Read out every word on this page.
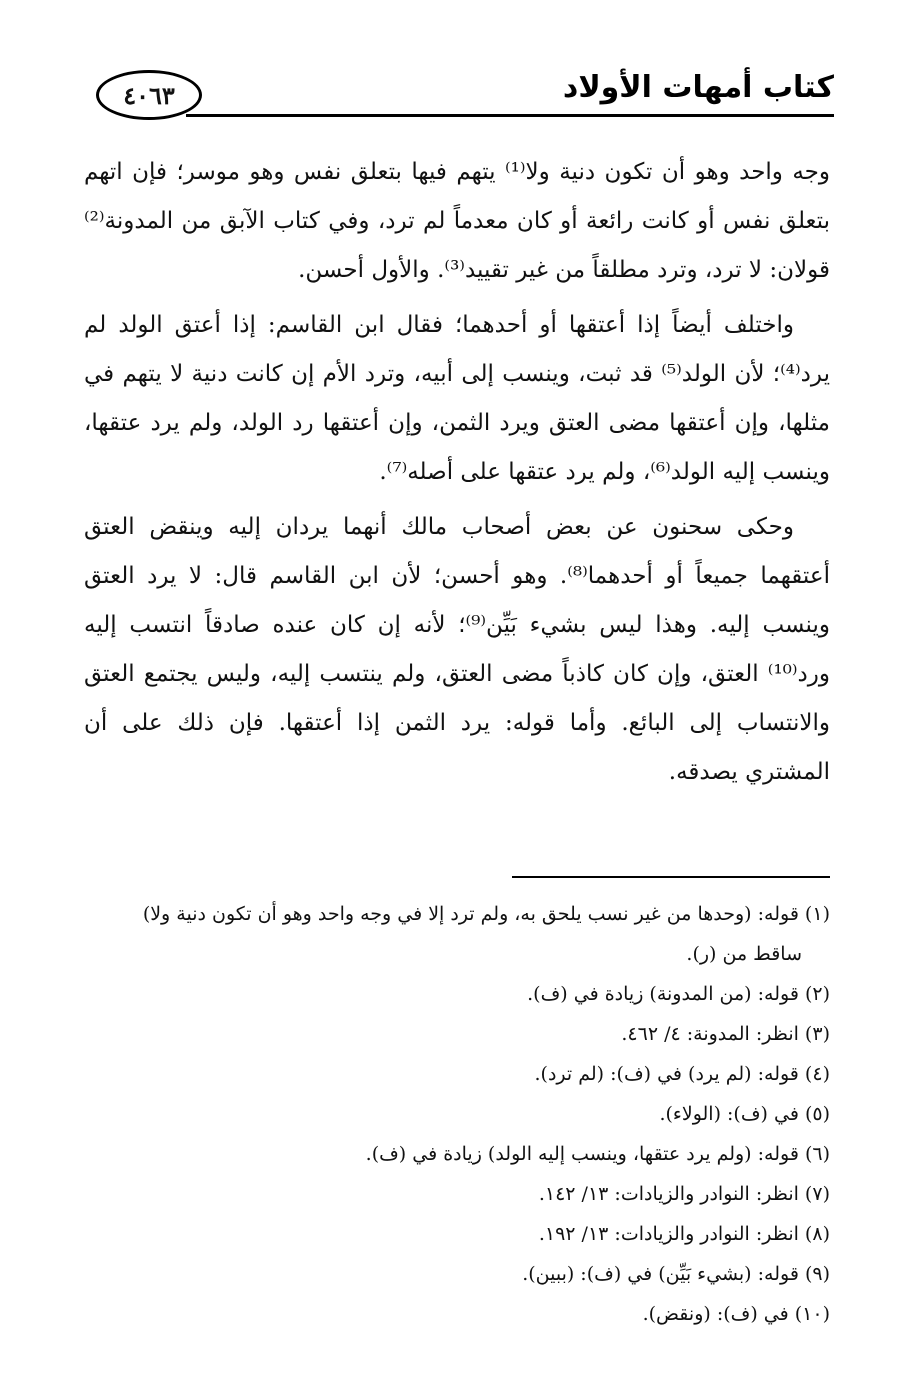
٤٠٦٣	كتاب أمهات الأولاد

وجه واحد وهو أن تكون دنية ولا⁽¹⁾ يتهم فيها بتعلق نفس وهو موسر؛ فإن اتهم بتعلق نفس أو كانت رائعة أو كان معدماً لم ترد، وفي كتاب الآبق من المدونة⁽²⁾ قولان: لا ترد، وترد مطلقاً من غير تقييد⁽³⁾. والأول أحسن.

واختلف أيضاً إذا أعتقها أو أحدهما؛ فقال ابن القاسم: إذا أعتق الولد لم يرد⁽⁴⁾؛ لأن الولد⁽⁵⁾ قد ثبت، وينسب إلى أبيه، وترد الأم إن كانت دنية لا يتهم في مثلها، وإن أعتقها مضى العتق ويرد الثمن، وإن أعتقها رد الولد، ولم يرد عتقها، وينسب إليه الولد⁽⁶⁾، ولم يرد عتقها على أصله⁽⁷⁾.

وحكى سحنون عن بعض أصحاب مالك أنهما يردان إليه وينقض العتق أعتقهما جميعاً أو أحدهما⁽⁸⁾. وهو أحسن؛ لأن ابن القاسم قال: لا يرد العتق وينسب إليه. وهذا ليس بشيء بَيِّن⁽⁹⁾؛ لأنه إن كان عنده صادقاً انتسب إليه ورد⁽¹⁰⁾ العتق، وإن كان كاذباً مضى العتق، ولم ينتسب إليه، وليس يجتمع العتق والانتساب إلى البائع. وأما قوله: يرد الثمن إذا أعتقها. فإن ذلك على أن المشتري يصدقه.

(١) قوله: (وحدها من غير نسب يلحق به، ولم ترد إلا في وجه واحد وهو أن تكون دنية ولا)

ساقط من (ر).

(٢) قوله: (من المدونة) زيادة في (ف).

(٣) انظر: المدونة: ٤/ ٤٦٢.

(٤) قوله: (لم يرد) في (ف): (لم ترد).

(٥) في (ف): (الولاء).

(٦) قوله: (ولم يرد عتقها، وينسب إليه الولد) زيادة في (ف).

(٧) انظر: النوادر والزيادات: ١٣/ ١٤٢.

(٨) انظر: النوادر والزيادات: ١٣/ ١٩٢.

(٩) قوله: (بشيء بَيِّن) في (ف): (ببين).

(١٠) في (ف): (ونقض).
